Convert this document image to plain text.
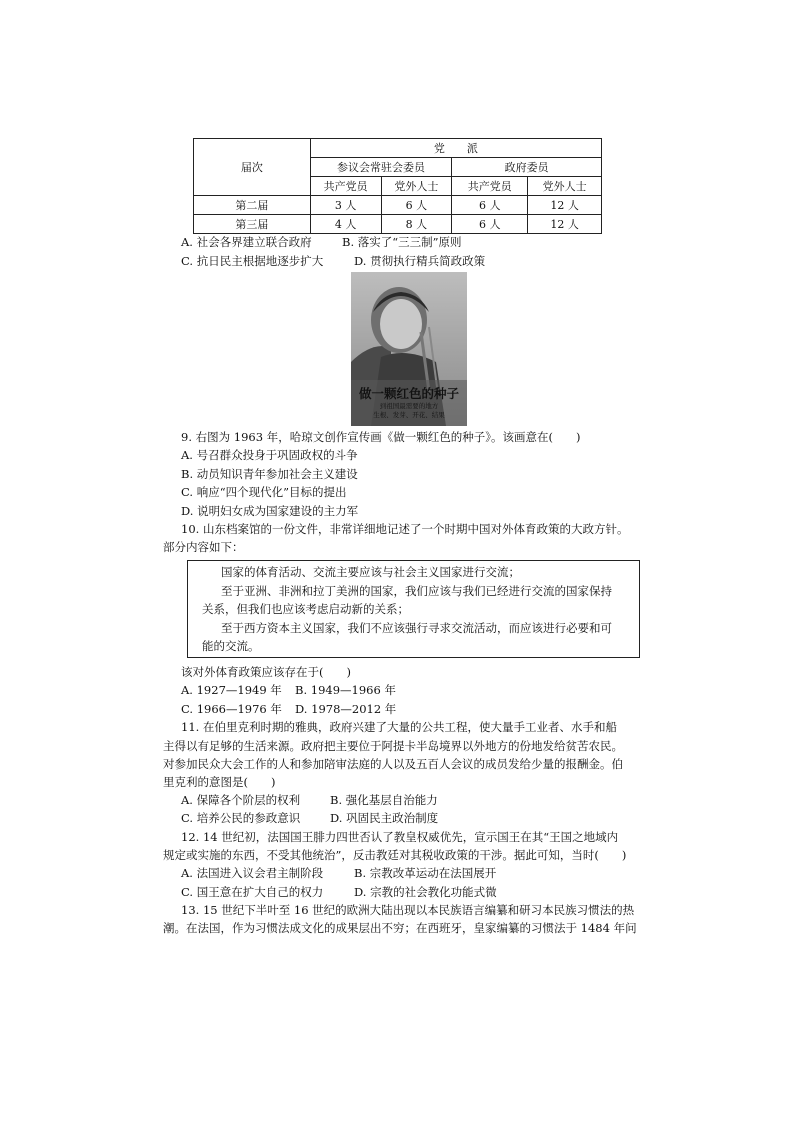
届次	党　　派			
	参议会常驻会委员		政府委员	
	共产党员	党外人士	共产党员	党外人士
第二届	3 人	6 人	6 人	12 人
第三届	4 人	8 人	6 人	12 人
A. 社会各界建立联合政府	B. 落实了“三三制”原则
C. 抗日民主根据地逐步扩大	D. 贯彻执行精兵简政政策
做一颗红色的种子
到祖国最需要的地方
生根、发芽、开花、结果
9. 右图为 1963 年，哈琼文创作宣传画《做一颗红色的种子》。该画意在(　　)
A. 号召群众投身于巩固政权的斗争
B. 动员知识青年参加社会主义建设
C. 响应“四个现代化”目标的提出
D. 说明妇女成为国家建设的主力军
10. 山东档案馆的一份文件，非常详细地记述了一个时期中国对外体育政策的大政方针。
部分内容如下：

国家的体育活动、交流主要应该与社会主义国家进行交流；

至于亚洲、非洲和拉丁美洲的国家，我们应该与我们已经进行交流的国家保持

关系，但我们也应该考虑启动新的关系；

至于西方资本主义国家，我们不应该强行寻求交流活动，而应该进行必要和可

能的交流。

该对外体育政策应该存在于(　　)
A. 1927—1949 年 B. 1949—1966 年
C. 1966—1976 年 D. 1978—2012 年
11. 在伯里克利时期的雅典，政府兴建了大量的公共工程，使大量手工业者、水手和船
主得以有足够的生活来源。政府把主要位于阿提卡半岛境界以外地方的份地发给贫苦农民。
对参加民众大会工作的人和参加陪审法庭的人以及五百人会议的成员发给少量的报酬金。伯
里克利的意图是(　　)
A. 保障各个阶层的权利	B. 强化基层自治能力
C. 培养公民的参政意识	D. 巩固民主政治制度
12. 14 世纪初，法国国王腓力四世否认了教皇权威优先，宣示国王在其“王国之地域内
规定或实施的东西，不受其他统治”，反击教廷对其税收政策的干涉。据此可知，当时(　　)
A. 法国进入议会君主制阶段	B. 宗教改革运动在法国展开
C. 国王意在扩大自己的权力	D. 宗教的社会教化功能式微
13. 15 世纪下半叶至 16 世纪的欧洲大陆出现以本民族语言编纂和研习本民族习惯法的热
潮。在法国，作为习惯法成文化的成果层出不穷；在西班牙，皇家编纂的习惯法于 1484 年问
